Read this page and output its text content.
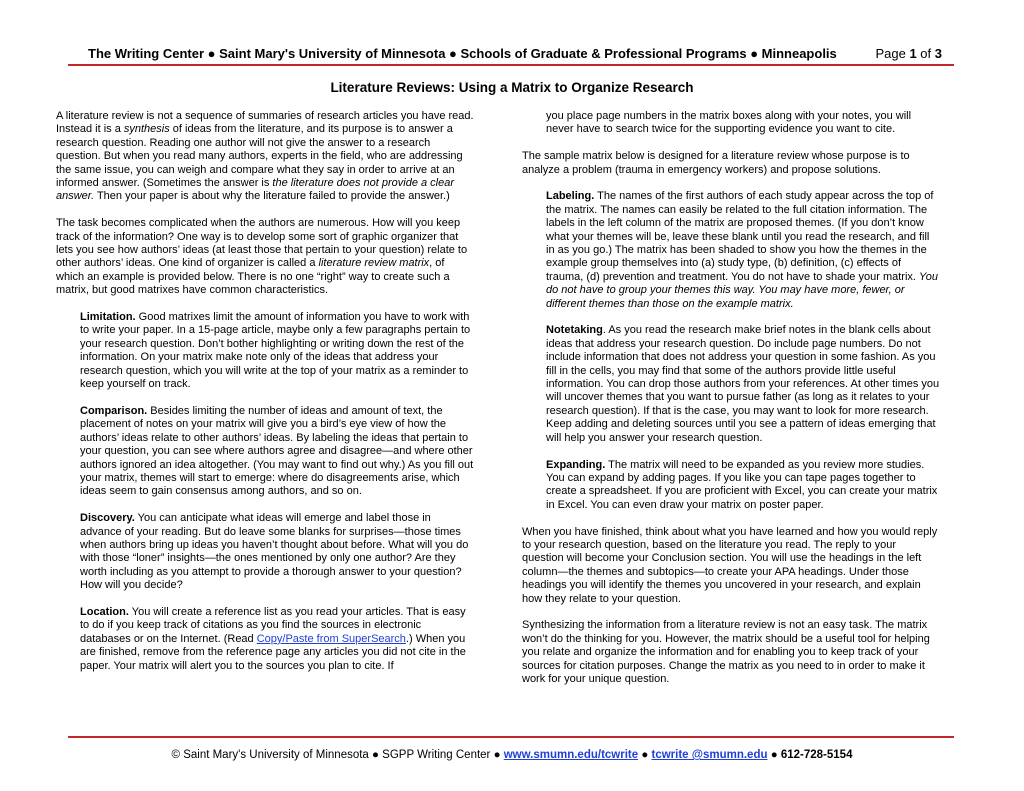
The Writing Center ● Saint Mary's University of Minnesota ● Schools of Graduate & Professional Programs ● Minneapolis	Page 1 of 3
Literature Reviews: Using a Matrix to Organize Research

A literature review is not a sequence of summaries of research articles you have read. Instead it is a synthesis of ideas from the literature, and its purpose is to answer a research question. Reading one author will not give the answer to a research question. But when you read many authors, experts in the field, who are addressing the same issue, you can weigh and compare what they say in order to arrive at an informed answer. (Sometimes the answer is the literature does not provide a clear answer. Then your paper is about why the literature failed to provide the answer.)

The task becomes complicated when the authors are numerous. How will you keep track of the information? One way is to develop some sort of graphic organizer that lets you see how authors’ ideas (at least those that pertain to your question) relate to other authors’ ideas. One kind of organizer is called a literature review matrix, of which an example is provided below. There is no one “right” way to create such a matrix, but good matrixes have common characteristics.

Limitation. Good matrixes limit the amount of information you have to work with to write your paper. In a 15-page article, maybe only a few paragraphs pertain to your research question. Don’t bother highlighting or writing down the rest of the information. On your matrix make note only of the ideas that address your research question, which you will write at the top of your matrix as a reminder to keep yourself on track.

Comparison. Besides limiting the number of ideas and amount of text, the placement of notes on your matrix will give you a bird’s eye view of how the authors’ ideas relate to other authors’ ideas. By labeling the ideas that pertain to your question, you can see where authors agree and disagree—and where other authors ignored an idea altogether. (You may want to find out why.) As you fill out your matrix, themes will start to emerge: where do disagreements arise, which ideas seem to gain consensus among authors, and so on.

Discovery. You can anticipate what ideas will emerge and label those in advance of your reading. But do leave some blanks for surprises—those times when authors bring up ideas you haven’t thought about before. What will you do with those “loner” insights—the ones mentioned by only one author? Are they worth including as you attempt to provide a thorough answer to your question? How will you decide?

Location. You will create a reference list as you read your articles. That is easy to do if you keep track of citations as you find the sources in electronic databases or on the Internet. (Read Copy/Paste from SuperSearch.) When you are finished, remove from the reference page any articles you did not cite in the paper. Your matrix will alert you to the sources you plan to cite. If

you place page numbers in the matrix boxes along with your notes, you will never have to search twice for the supporting evidence you want to cite.

The sample matrix below is designed for a literature review whose purpose is to analyze a problem (trauma in emergency workers) and propose solutions.

Labeling. The names of the first authors of each study appear across the top of the matrix. The names can easily be related to the full citation information. The labels in the left column of the matrix are proposed themes. (If you don’t know what your themes will be, leave these blank until you read the research, and fill in as you go.) The matrix has been shaded to show you how the themes in the example group themselves into (a) study type, (b) definition, (c) effects of trauma, (d) prevention and treatment. You do not have to shade your matrix. You do not have to group your themes this way. You may have more, fewer, or different themes than those on the example matrix.

Notetaking. As you read the research make brief notes in the blank cells about ideas that address your research question. Do include page numbers. Do not include information that does not address your question in some fashion. As you fill in the cells, you may find that some of the authors provide little useful information. You can drop those authors from your references. At other times you will uncover themes that you want to pursue father (as long as it relates to your research question). If that is the case, you may want to look for more research. Keep adding and deleting sources until you see a pattern of ideas emerging that will help you answer your research question.

Expanding. The matrix will need to be expanded as you review more studies. You can expand by adding pages. If you like you can tape pages together to create a spreadsheet. If you are proficient with Excel, you can create your matrix in Excel. You can even draw your matrix on poster paper.

When you have finished, think about what you have learned and how you would reply to your research question, based on the literature you read. The reply to your question will become your Conclusion section. You will use the headings in the left column—the themes and subtopics—to create your APA headings. Under those headings you will identify the themes you uncovered in your research, and explain how they relate to your question.

Synthesizing the information from a literature review is not an easy task. The matrix won’t do the thinking for you. However, the matrix should be a useful tool for helping you relate and organize the information and for enabling you to keep track of your sources for citation purposes. Change the matrix as you need to in order to make it work for your unique question.

© Saint Mary's University of Minnesota ● SGPP Writing Center ● www.smumn.edu/tcwrite ● tcwrite @smumn.edu ● 612-728-5154
